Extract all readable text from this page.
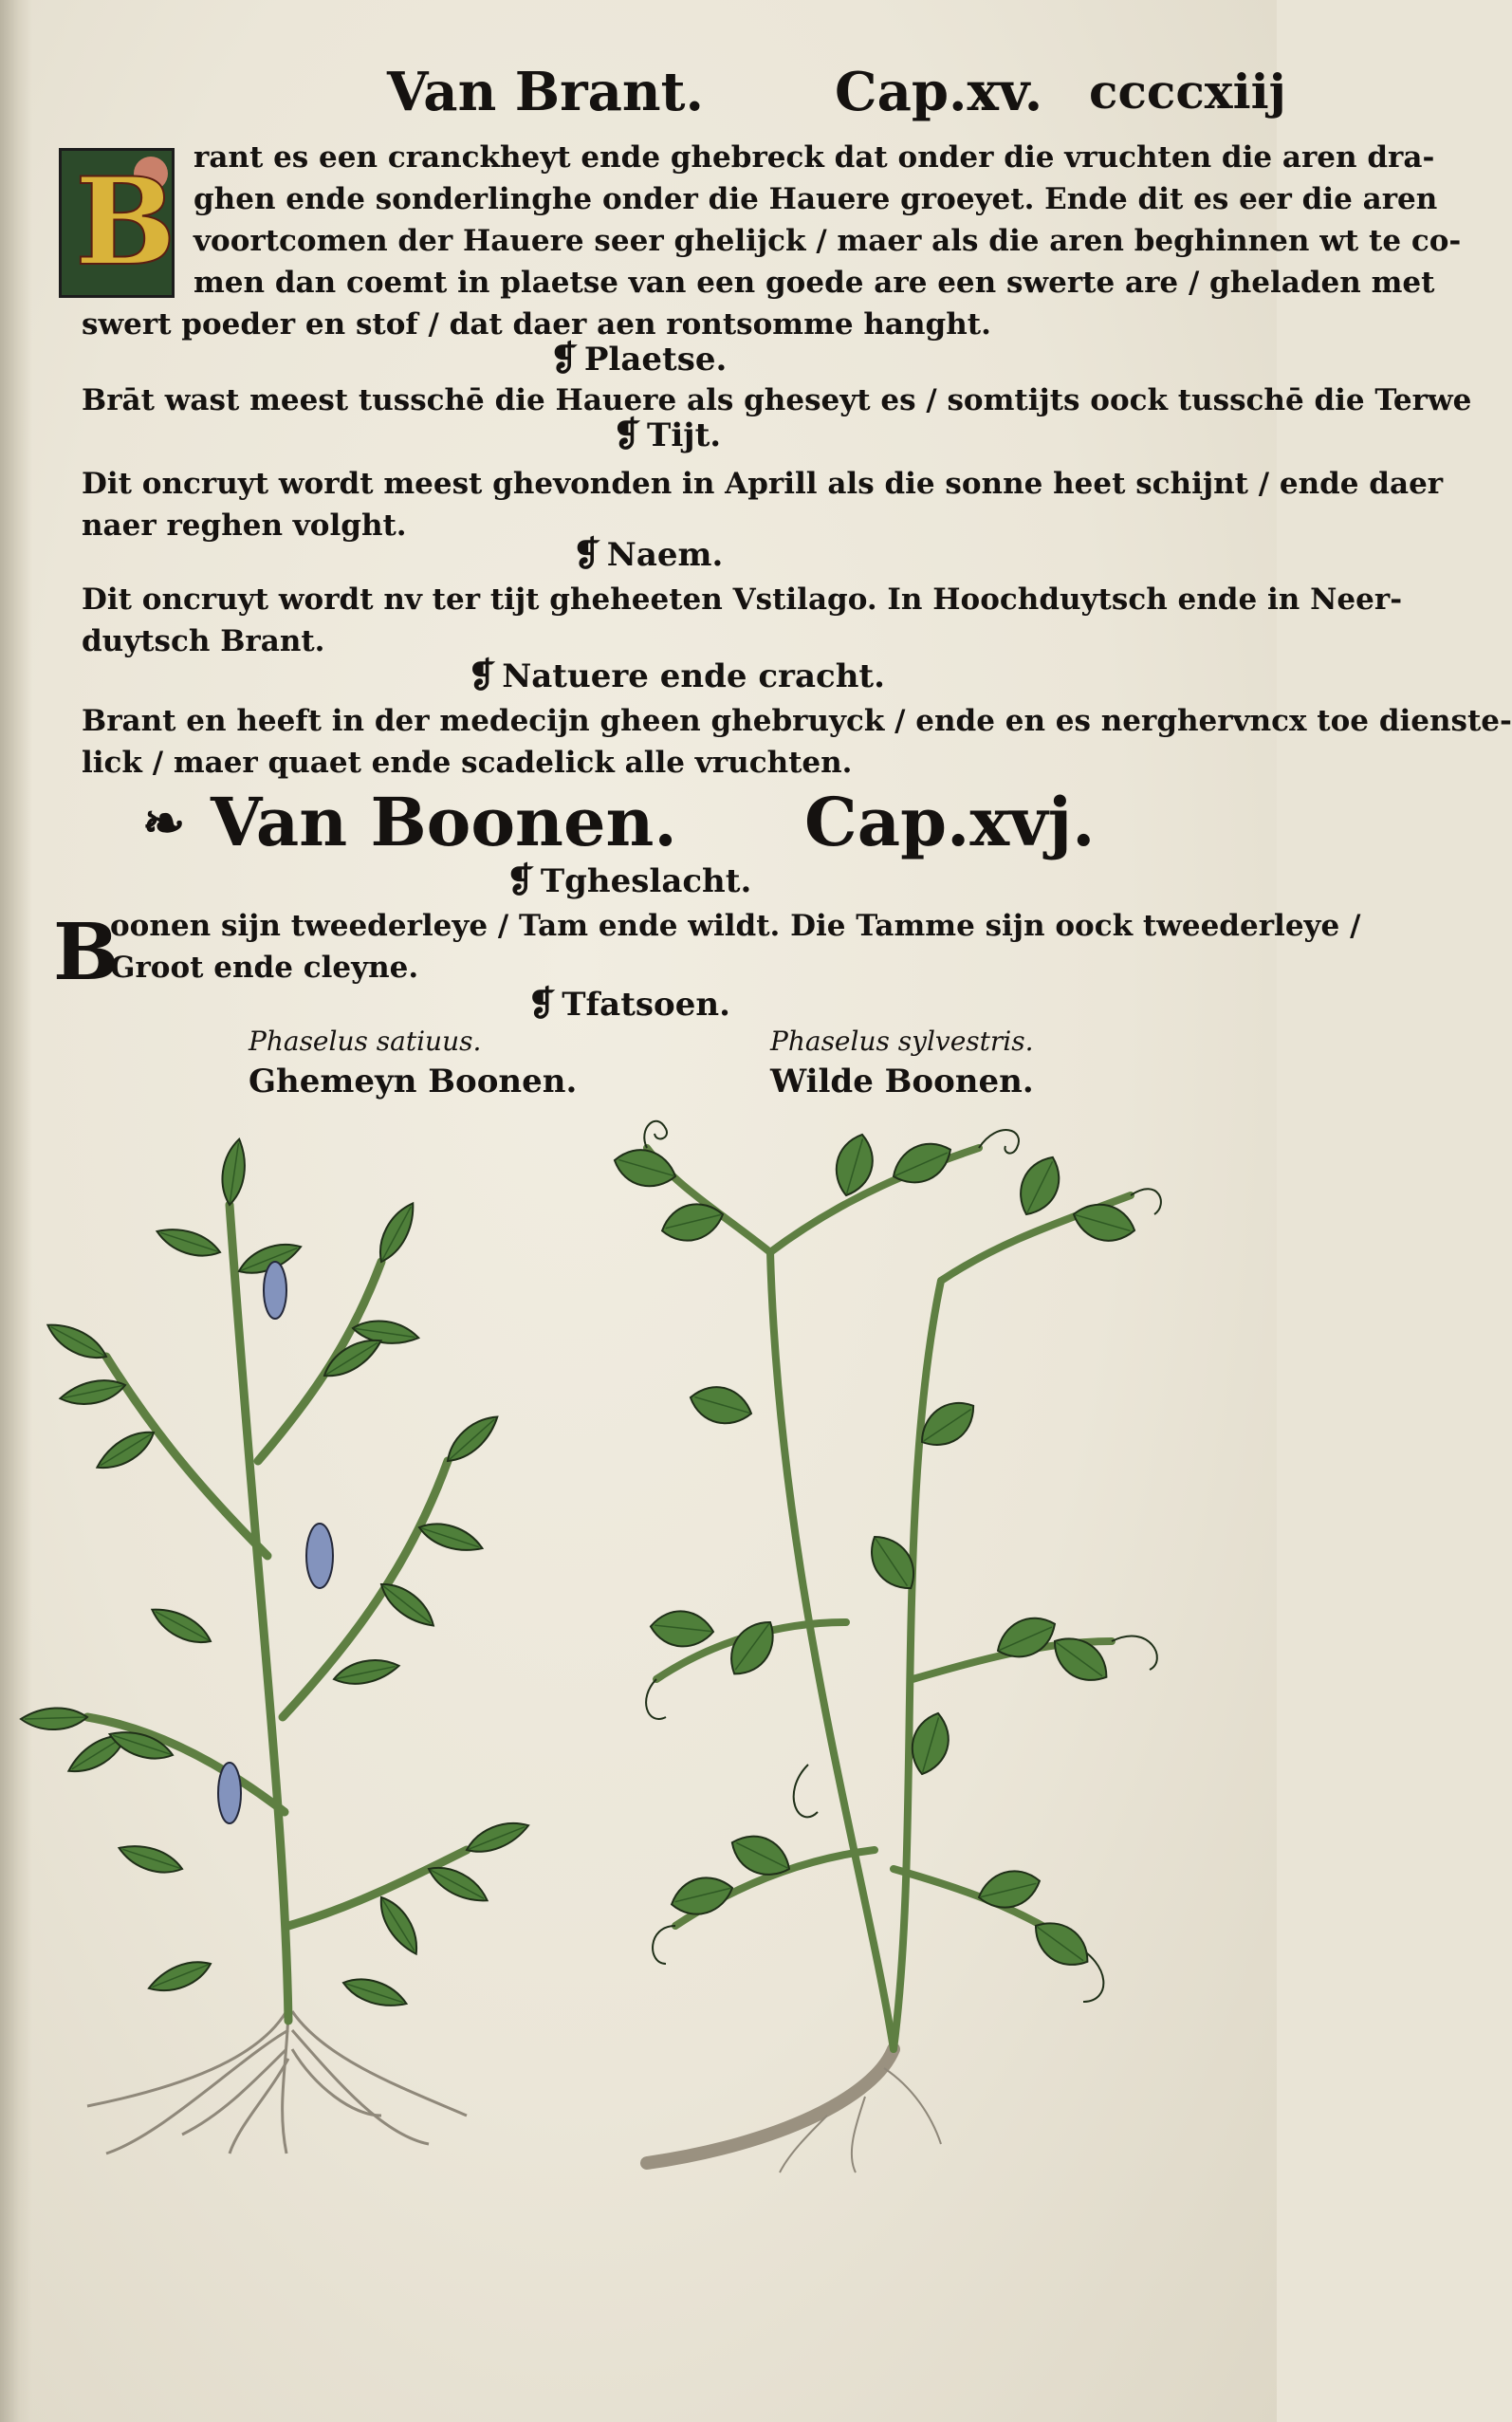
Van Brant. Cap.xv. ccccxiij
B rant es een cranckheyt ende ghebreck dat onder die vruchten die aren dra-
ghen ende sonderlinghe onder die Hauere groeyet. Ende dit es eer die aren
voortcomen der Hauere seer ghelijck / maer als die aren beghinnen wt te co-
men dan coemt in plaetse van een goede are een swerte are / gheladen met
swert poeder en stof / dat daer aen rontsomme hanght.
❡ Plaetse.
Brāt wast meest tusschē die Hauere als gheseyt es / somtijts oock tusschē die Terwe
❡ Tijt.
Dit oncruyt wordt meest ghevonden in Aprill als die sonne heet schijnt / ende daer
naer reghen volght.
❡ Naem.
Dit oncruyt wordt nv ter tijt gheheeten Vstilago. In Hoochduytsch ende in Neer-
duytsch Brant.
❡ Natuere ende cracht.
Brant en heeft in der medecijn gheen ghebruyck / ende en es nerghervncx toe dienste-
lick / maer quaet ende scadelick alle vruchten.
❧ Van Boonen. Cap.xvj.
❡ Tgheslacht.
B
oonen sijn tweederleye / Tam ende wildt. Die Tamme sijn oock tweederleye /
Groot ende cleyne.
❡ Tfatsoen.
Phaselus satiuus.
Ghemeyn Boonen.
Phaselus sylvestris.
Wilde Boonen.
